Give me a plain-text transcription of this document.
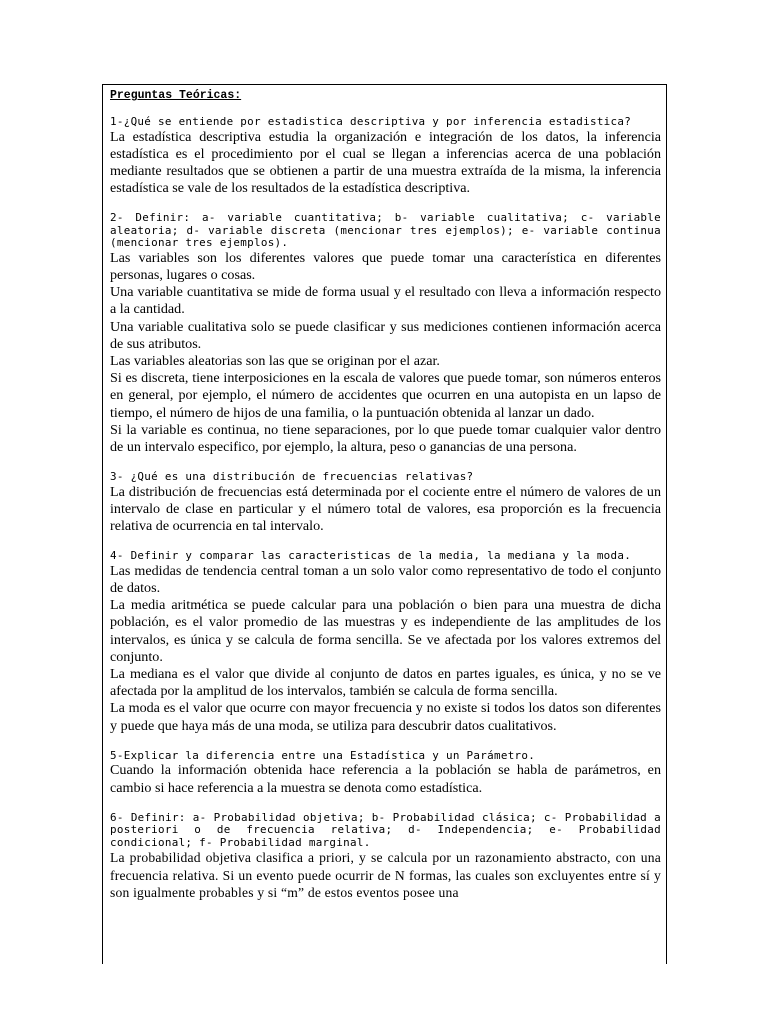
Preguntas Teóricas:
1-¿Qué se entiende por estadistica descriptiva y por inferencia estadistica?
La estadística descriptiva estudia la organización e integración de los datos, la inferencia estadística es el procedimiento por el cual se llegan a inferencias acerca de una población mediante resultados que se obtienen a partir de una muestra extraída de la misma, la inferencia estadística se vale de los resultados de la estadística descriptiva.
2- Definir: a- variable cuantitativa; b- variable cualitativa; c- variable aleatoria; d- variable discreta (mencionar tres ejemplos); e- variable continua (mencionar tres ejemplos).
Las variables son los diferentes valores que puede tomar una característica en diferentes personas, lugares o cosas.
Una variable cuantitativa se mide de forma usual y el resultado con lleva a información respecto a la cantidad.
Una variable cualitativa solo se puede clasificar y sus mediciones contienen información acerca de sus atributos.
Las variables aleatorias son las que se originan por el azar.
Si es discreta, tiene interposiciones en la escala de valores que puede tomar, son números enteros en general, por ejemplo, el número de accidentes que ocurren en una autopista en un lapso de tiempo, el número de hijos de una familia, o la puntuación obtenida al lanzar un dado.
Si la variable es continua, no tiene separaciones, por lo que puede tomar cualquier valor dentro de un intervalo especifico, por ejemplo, la altura, peso o ganancias de una persona.
3- ¿Qué es una distribución de frecuencias relativas?
La distribución de frecuencias está determinada por el cociente entre el número de valores de un intervalo de clase en particular y el número total de valores, esa proporción es la frecuencia relativa de ocurrencia en tal intervalo.
4- Definir y comparar las caracteristicas de la media, la mediana y la moda.
Las medidas de tendencia central toman a un solo valor como representativo de todo el conjunto de datos.
La media aritmética se puede calcular para una población o bien para una muestra de dicha población, es el valor promedio de las muestras y es independiente de las amplitudes de los intervalos, es única y se calcula de forma sencilla. Se ve afectada por los valores extremos del conjunto.
La mediana es el valor que divide al conjunto de datos en partes iguales, es única, y no se ve afectada por la amplitud de los intervalos, también se calcula de forma sencilla.
La moda es el valor que ocurre con mayor frecuencia y no existe si todos los datos son diferentes y puede que haya más de una moda, se utiliza para descubrir datos cualitativos.
5-Explicar la diferencia entre una Estadística y un Parámetro.
Cuando la información obtenida hace referencia a la población se habla de parámetros, en cambio si hace referencia a la muestra se denota como estadística.
6- Definir: a- Probabilidad objetiva; b- Probabilidad clásica; c- Probabilidad a posteriori o de frecuencia relativa; d- Independencia; e- Probabilidad condicional; f- Probabilidad marginal.
La probabilidad objetiva clasifica a priori, y se calcula por un razonamiento abstracto, con una frecuencia relativa. Si un evento puede ocurrir de N formas, las cuales son excluyentes entre sí y son igualmente probables y si “m” de estos eventos posee una
